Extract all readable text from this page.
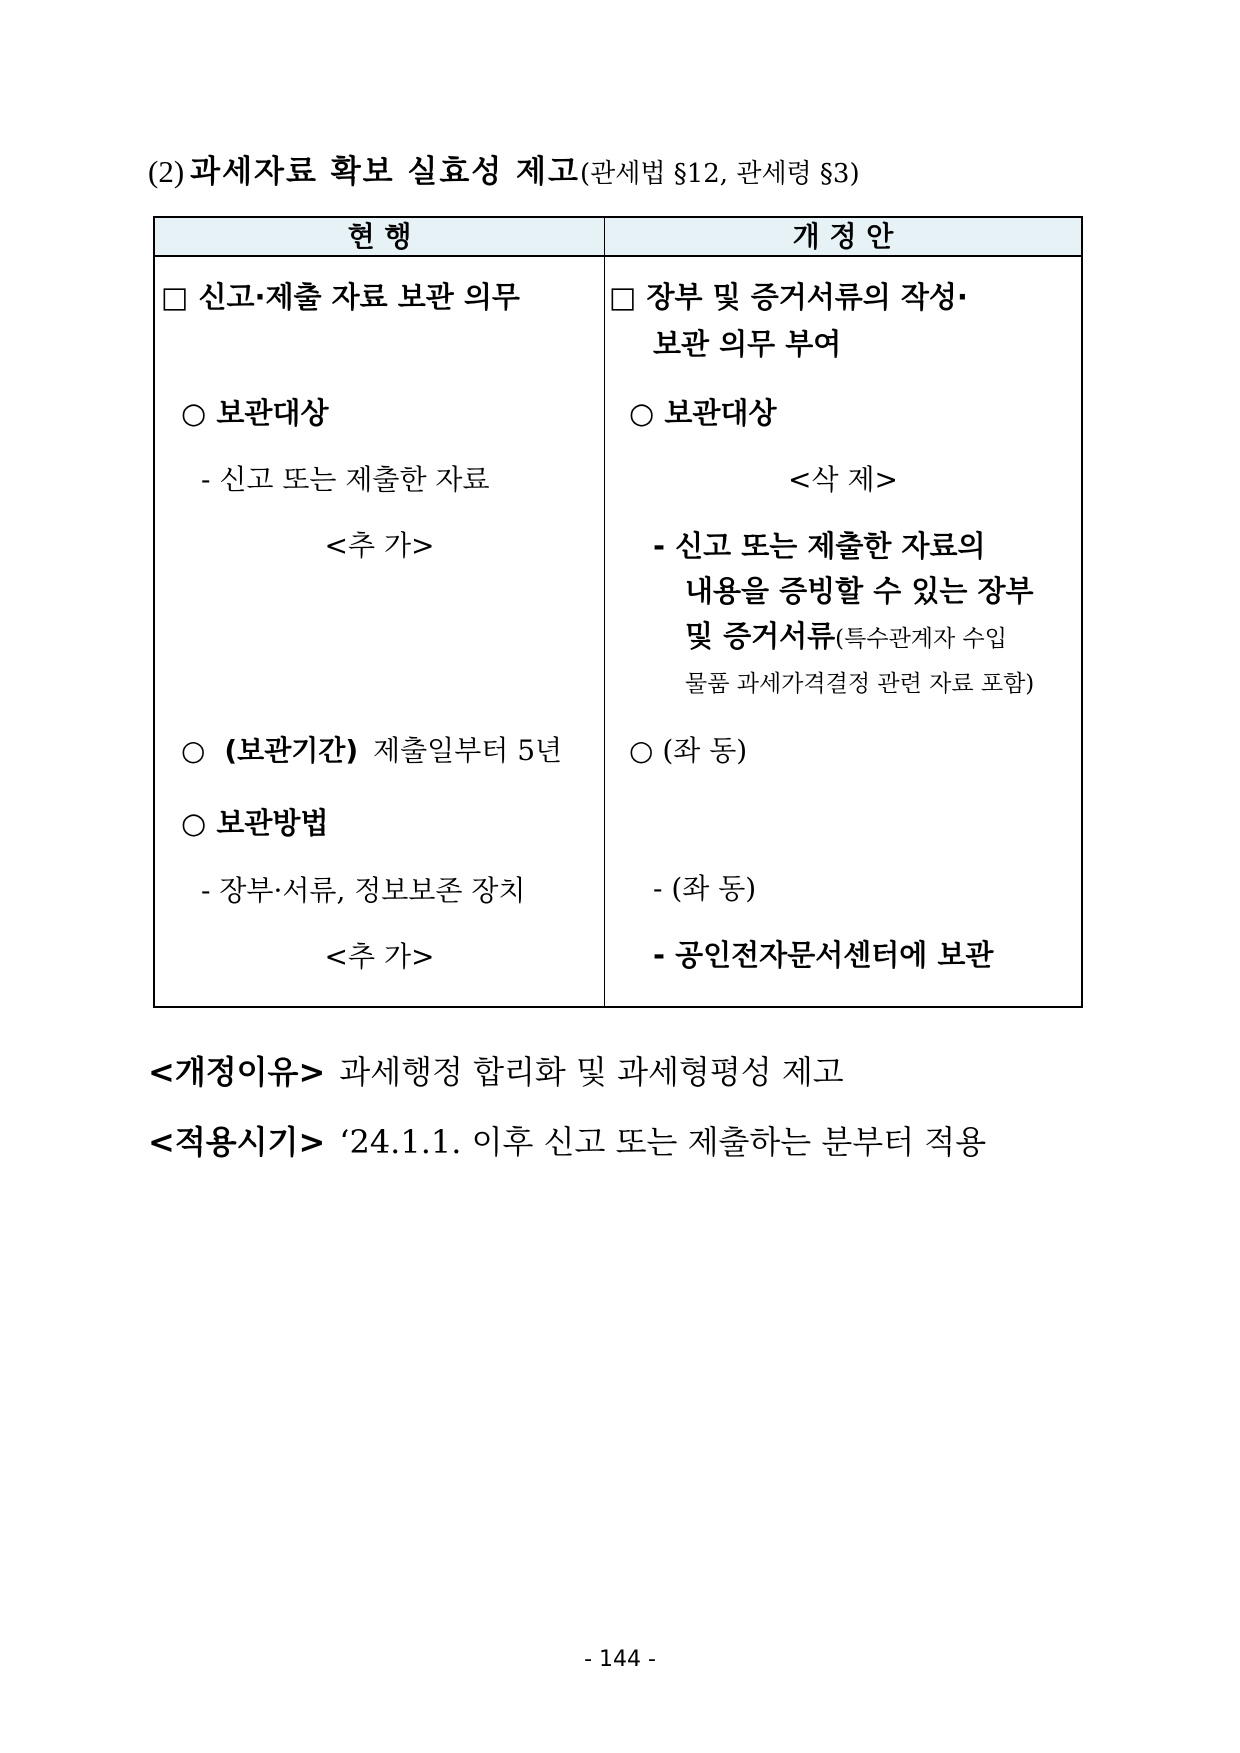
(2) 과세자료 확보 실효성 제고(관세법 §12, 관세령 §3)
현 행	개 정 안
□ 신고·제출 자료 보관 의무
○ 보관대상
- 신고 또는 제출한 자료
<추 가>
○ (보관기간) 제출일부터 5년
○ 보관방법
- 장부·서류, 정보보존 장치
<추 가>
□ 장부 및 증거서류의 작성·
보관 의무 부여
○ 보관대상
<삭 제>
- 신고 또는 제출한 자료의
내용을 증빙할 수 있는 장부
및 증거서류(특수관계자 수입
물품 과세가격결정 관련 자료 포함)
○ (좌 동)
- (좌 동)
- 공인전자문서센터에 보관
<개정이유> 과세행정 합리화 및 과세형평성 제고
<적용시기> ‘24.1.1. 이후 신고 또는 제출하는 분부터 적용
- 144 -
